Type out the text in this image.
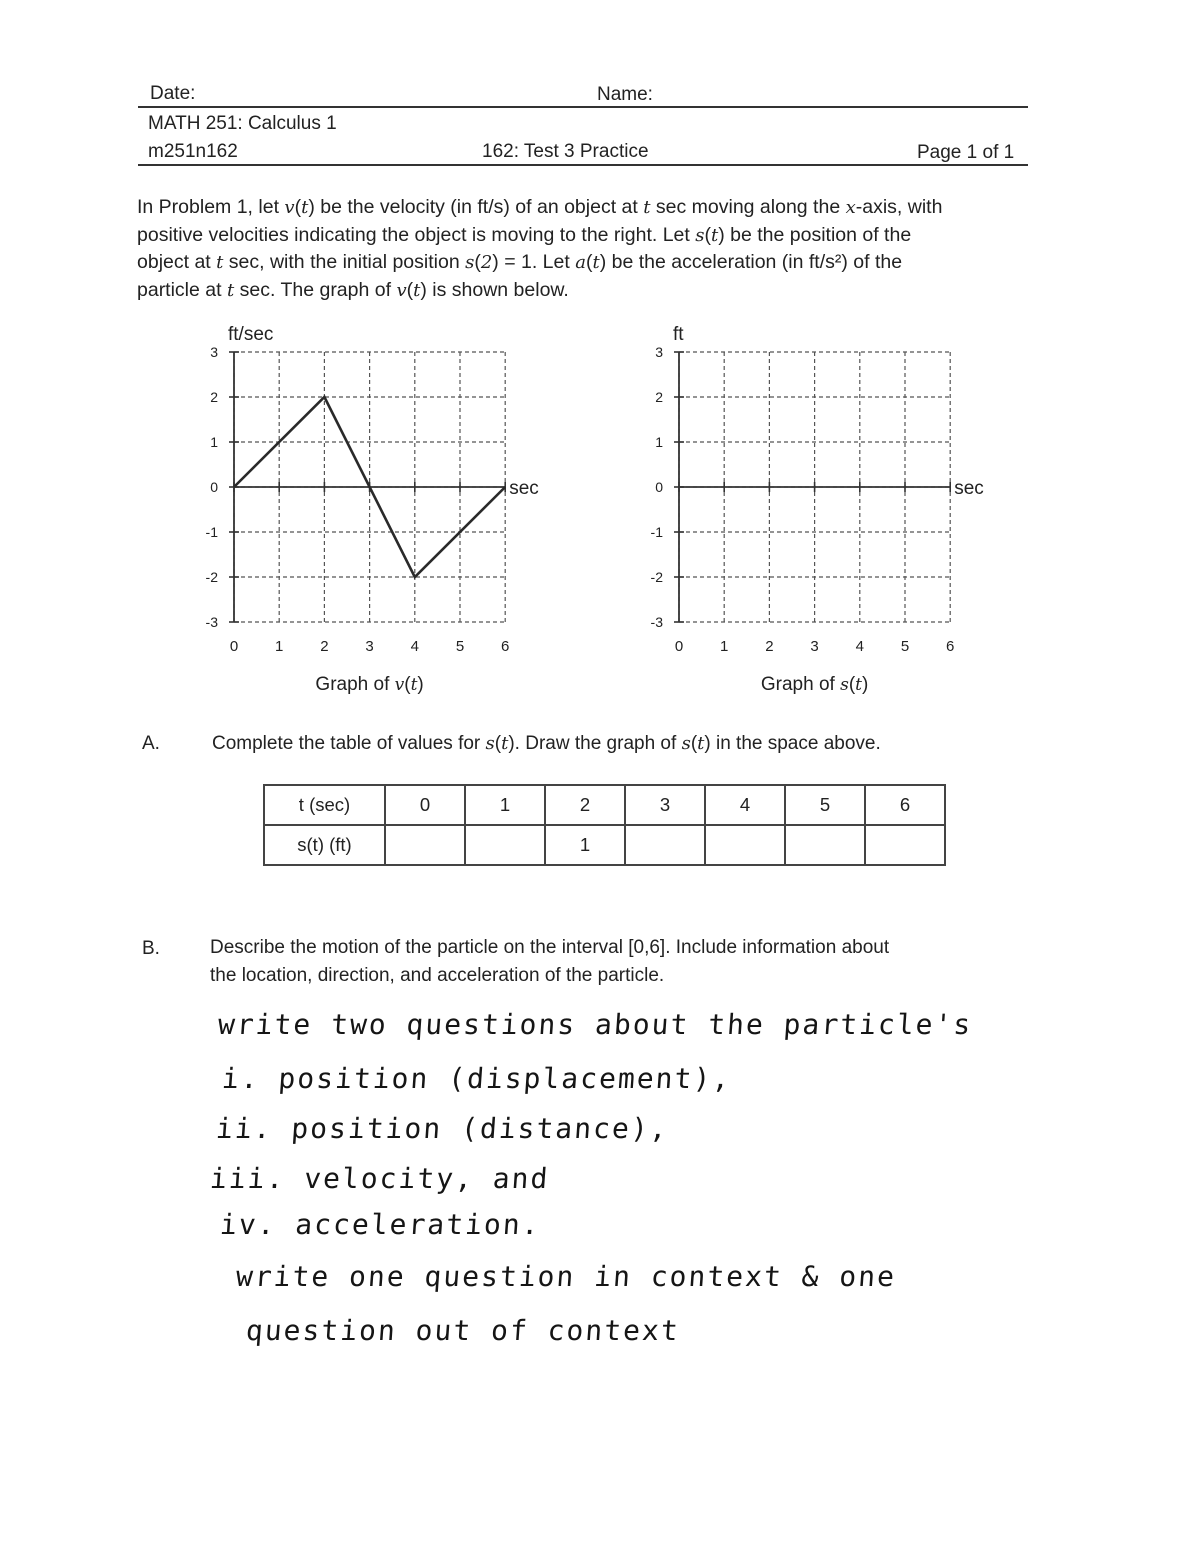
Date:	Name:
MATH 251: Calculus 1
m251n162	162: Test 3 Practice	Page 1 of 1

In Problem 1, let v(t) be the velocity (in ft/s) of an object at t sec moving along the x-axis, with

positive velocities indicating the object is moving to the right. Let s(t) be the position of the

object at t sec, with the initial position s(2) = 1. Let a(t) be the acceleration (in ft/s²) of the

particle at t sec. The graph of v(t) is shown below.

3
2
1
0
-1
-2
-3
0 1 2 3 4 5 6
ft/sec
sec
Graph of v(t)
3
2
1
0
-1
-2
-3
0 1 2 3 4 5 6
ft
sec
Graph of s(t)
A.	Complete the table of values for s(t). Draw the graph of s(t) in the space above.
t (sec)	0	1	2	3	4	5	6
s(t) (ft)			1				
B.	Describe the motion of the particle on the interval [0,6]. Include information about
the location, direction, and acceleration of the particle.
write two questions about the particle's
i. position (displacement),
ii. position (distance),
iii. velocity, and
iv. acceleration.
write one question in context & one
question out of context
